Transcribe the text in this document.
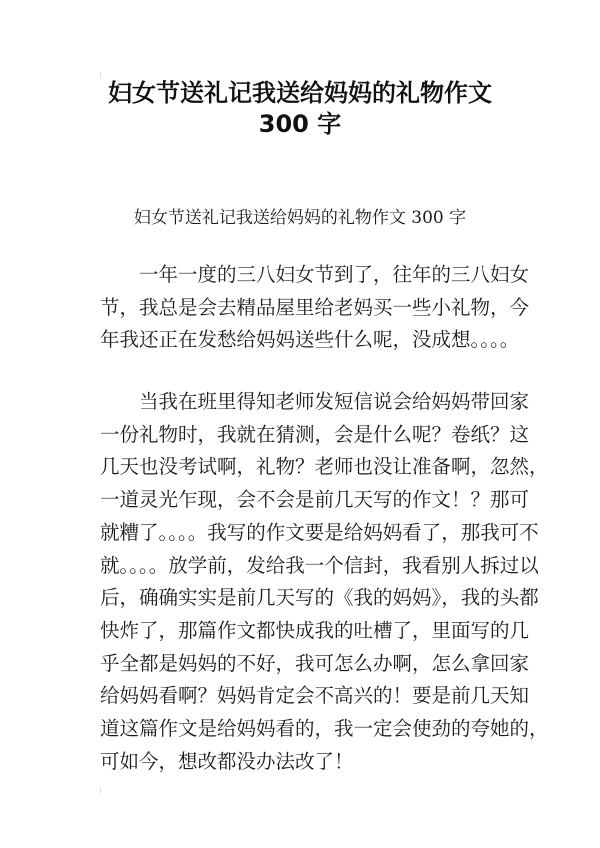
妇女节送礼记我送给妈妈的礼物作文
300 字
妇女节送礼记我送给妈妈的礼物作文 300 字
　　一年一度的三八妇女节到了，往年的三八妇女
节，我总是会去精品屋里给老妈买一些小礼物，今
年我还正在发愁给妈妈送些什么呢，没成想。。。。
　　当我在班里得知老师发短信说会给妈妈带回家
一份礼物时，我就在猜测，会是什么呢？卷纸？这
几天也没考试啊，礼物？老师也没让准备啊，忽然，
一道灵光乍现，会不会是前几天写的作文！？那可
就糟了。。。。我写的作文要是给妈妈看了，那我可不
就。。。。放学前，发给我一个信封，我看别人拆过以
后，确确实实是前几天写的《我的妈妈》，我的头都
快炸了，那篇作文都快成我的吐槽了，里面写的几
乎全都是妈妈的不好，我可怎么办啊，怎么拿回家
给妈妈看啊？妈妈肯定会不高兴的！要是前几天知
道这篇作文是给妈妈看的，我一定会使劲的夸她的，
可如今，想改都没办法改了！
